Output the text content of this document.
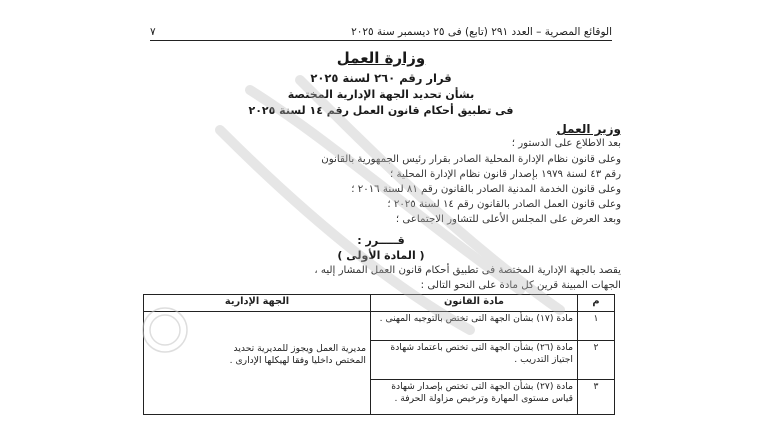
٧	الوقائع المصرية – العدد ٢٩١ (تابع) فى ٢٥ ديسمبر سنة ٢٠٢٥
وزارة العمل
قرار رقم ٢٦٠ لسنة ٢٠٢٥
بشأن تحديد الجهة الإدارية المختصة
فى تطبيق أحكام قانون العمل رقم ١٤ لسنة ٢٠٢٥
وزير العمل
بعد الاطلاع على الدستور ؛
وعلى قانون نظام الإدارة المحلية الصادر بقرار رئيس الجمهورية بالقانون
رقم ٤٣ لسنة ١٩٧٩ بإصدار قانون نظام الإدارة المحلية ؛
وعلى قانون الخدمة المدنية الصادر بالقانون رقم ٨١ لسنة ٢٠١٦ ؛
وعلى قانون العمل الصادر بالقانون رقم ١٤ لسنة ٢٠٢٥ ؛
وبعد العرض على المجلس الأعلى للتشاور الاجتماعى ؛
قـــــرر :
( المادة الأولى )
يقصد بالجهة الإدارية المختصة فى تطبيق أحكام قانون العمل المشار إليه ،
الجهات المبينة قرين كل مادة على النحو التالى :
م	مادة القانون	الجهة الإدارية
١	مادة (١٧) بشأن الجهة التى تختص بالتوجيه المهنى .	مديرية العمل ويجوز للمديرية تحديد المختص داخليا وفقا لهيكلها الإدارى .

٢	مادة (٢٦) بشأن الجهة التى تختص باعتماد شهادة اجتياز التدريب .	
٣	مادة (٢٧) بشأن الجهة التى تختص بإصدار شهادة قياس مستوى المهارة وترخيص مزاولة الحرفة .	
